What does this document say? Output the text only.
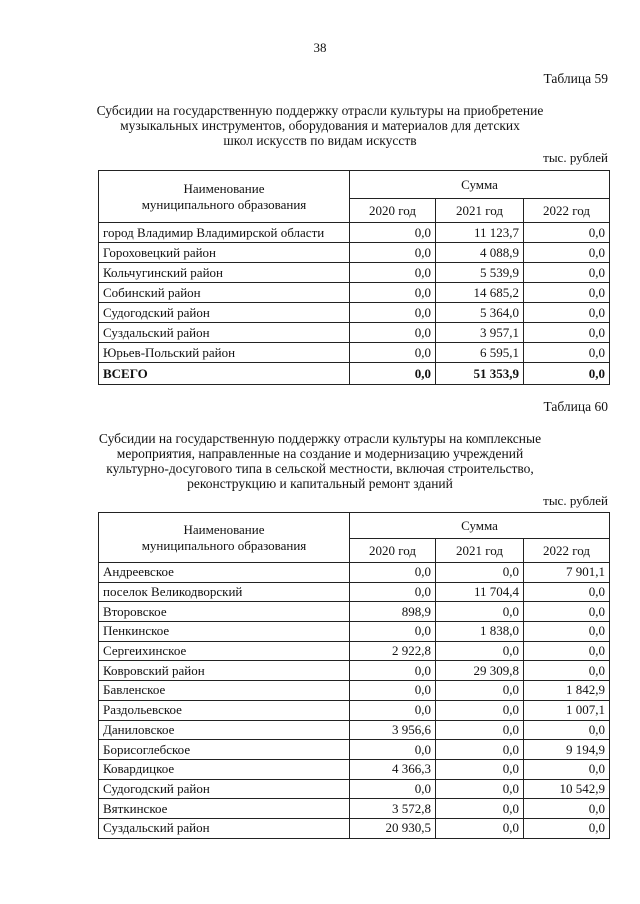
38
Таблица 59
Субсидии на государственную поддержку отрасли культуры на приобретение
музыкальных инструментов, оборудования и материалов для детских
школ искусств по видам искусств
тыс. рублей
Наименование
муниципального образования	Сумма		
	2020 год	2021 год	2022 год
город Владимир Владимирской области	0,0	11 123,7	0,0
Гороховецкий район	0,0	4 088,9	0,0
Кольчугинский район	0,0	5 539,9	0,0
Собинский район	0,0	14 685,2	0,0
Судогодский район	0,0	5 364,0	0,0
Суздальский район	0,0	3 957,1	0,0
Юрьев-Польский район	0,0	6 595,1	0,0
ВСЕГО	0,0	51 353,9	0,0
Таблица 60
Субсидии на государственную поддержку отрасли культуры на комплексные
мероприятия, направленные на создание и модернизацию учреждений
культурно-досугового типа в сельской местности, включая строительство,
реконструкцию и капитальный ремонт зданий
тыс. рублей
Наименование
муниципального образования	Сумма		
	2020 год	2021 год	2022 год
Андреевское	0,0	0,0	7 901,1
поселок Великодворский	0,0	11 704,4	0,0
Второвское	898,9	0,0	0,0
Пенкинское	0,0	1 838,0	0,0
Сергеихинское	2 922,8	0,0	0,0
Ковровский район	0,0	29 309,8	0,0
Бавленское	0,0	0,0	1 842,9
Раздольевское	0,0	0,0	1 007,1
Даниловское	3 956,6	0,0	0,0
Борисоглебское	0,0	0,0	9 194,9
Ковардицкое	4 366,3	0,0	0,0
Судогодский район	0,0	0,0	10 542,9
Вяткинское	3 572,8	0,0	0,0
Суздальский район	20 930,5	0,0	0,0
